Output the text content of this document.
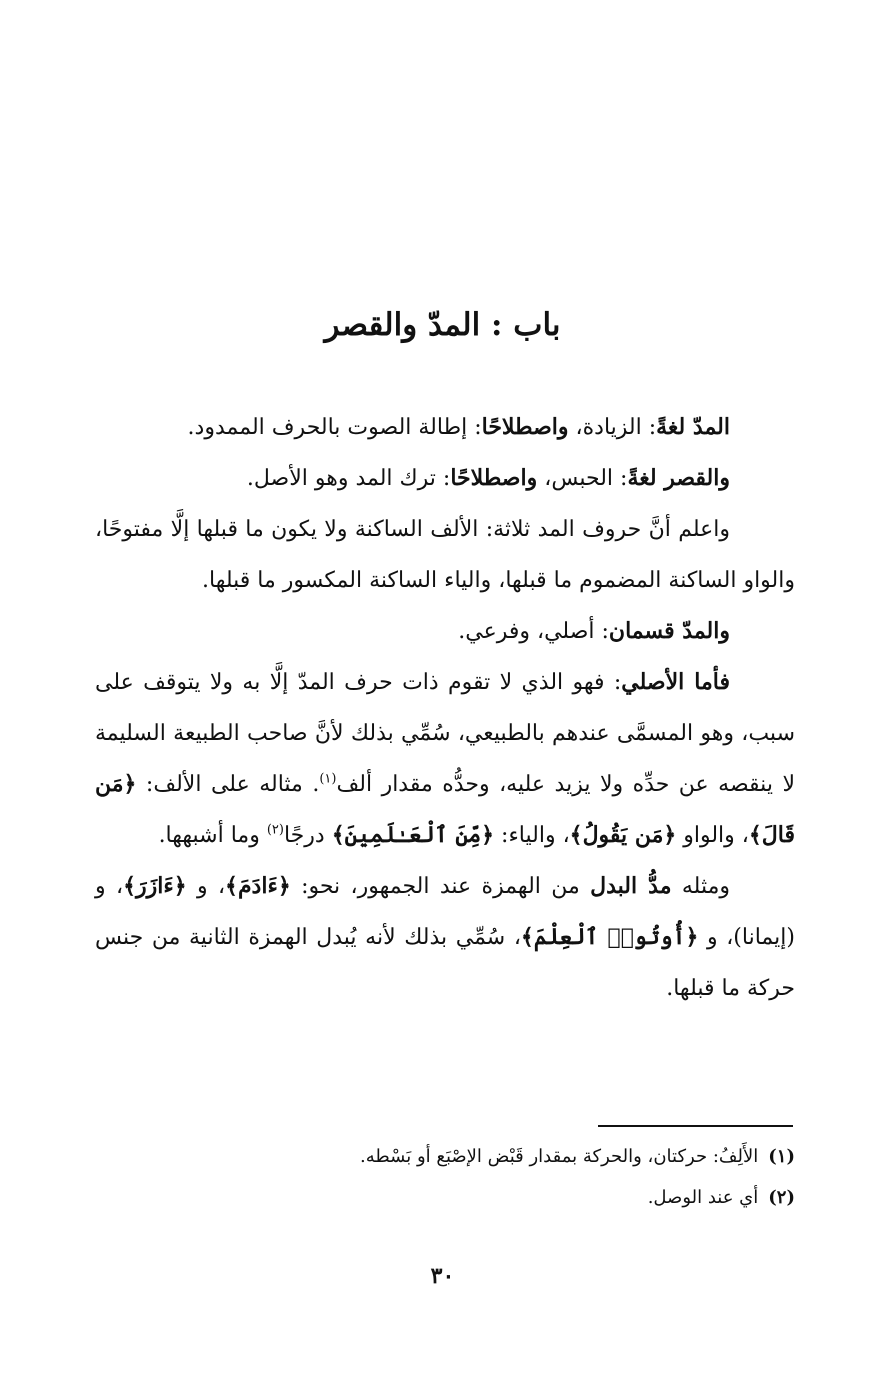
باب : المدّ والقصر

المدّ لغةً: الزيادة، واصطلاحًا: إطالة الصوت بالحرف الممدود.

والقصر لغةً: الحبس، واصطلاحًا: ترك المد وهو الأصل.

واعلم أنَّ حروف المد ثلاثة: الألف الساكنة ولا يكون ما قبلها إلَّا مفتوحًا، والواو الساكنة المضموم ما قبلها، والياء الساكنة المكسور ما قبلها.

والمدّ قسمان: أصلي، وفرعي.

فأما الأصلي: فهو الذي لا تقوم ذات حرف المدّ إلَّا به ولا يتوقف على سبب، وهو المسمَّى عندهم بالطبيعي، سُمِّي بذلك لأنَّ صاحب الطبيعة السليمة لا ينقصه عن حدِّه ولا يزيد عليه، وحدُّه مقدار ألف$^{(١)}$. مثاله على الألف: ﴿مَن قَالَ﴾، والواو ﴿مَن يَقُولُ﴾، والياء: ﴿مِّنَ ٱلْعَـٰلَمِينَ﴾ درجًا$^{(٢)}$ وما أشبهها.

ومثله مدُّ البدل من الهمزة عند الجمهور، نحو: ﴿ءَادَمَ﴾، و ﴿ءَازَرَ﴾، و (إيمانا)، و ﴿أُوتُوا۟ ٱلْعِلْمَ﴾، سُمِّي بذلك لأنه يُبدل الهمزة الثانية من جنس حركة ما قبلها.

(١)الأَلِفُ: حركتان، والحركة بمقدار قَبْض الإصْبَع أو بَسْطه.

(٢)أي عند الوصل.

٣٠
